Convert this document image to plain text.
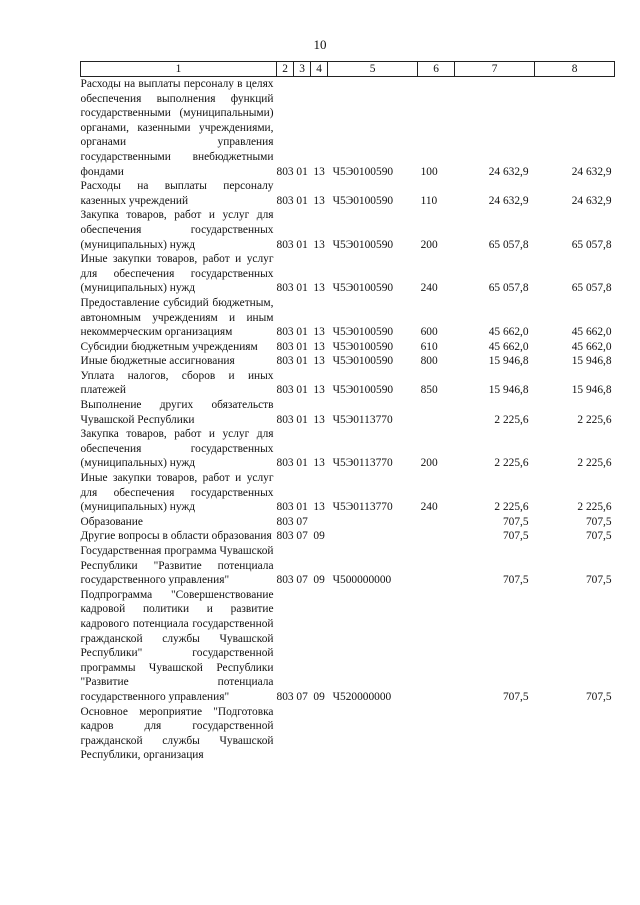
10
1	2	3	4	5	6	7	8
Расходы на выплаты персоналу в целях обеспечения выполнения функций государственными (муниципальными) органами, казенными учреждениями, органами управления государственными внебюджетными фондами	803	01	13	Ч5Э0100590	100	24 632,9	24 632,9
Расходы на выплаты персоналу казенных учреждений	803	01	13	Ч5Э0100590	110	24 632,9	24 632,9
Закупка товаров, работ и услуг для обеспечения государственных (муниципальных) нужд	803	01	13	Ч5Э0100590	200	65 057,8	65 057,8
Иные закупки товаров, работ и услуг для обеспечения государственных (муниципальных) нужд	803	01	13	Ч5Э0100590	240	65 057,8	65 057,8
Предоставление субсидий бюджетным, автономным учреждениям и иным некоммерческим организациям	803	01	13	Ч5Э0100590	600	45 662,0	45 662,0
Субсидии бюджетным учреждениям	803	01	13	Ч5Э0100590	610	45 662,0	45 662,0
Иные бюджетные ассигнования	803	01	13	Ч5Э0100590	800	15 946,8	15 946,8
Уплата налогов, сборов и иных платежей	803	01	13	Ч5Э0100590	850	15 946,8	15 946,8
Выполнение других обязательств Чувашской Республики	803	01	13	Ч5Э0113770		2 225,6	2 225,6
Закупка товаров, работ и услуг для обеспечения государственных (муниципальных) нужд	803	01	13	Ч5Э0113770	200	2 225,6	2 225,6
Иные закупки товаров, работ и услуг для обеспечения государственных (муниципальных) нужд	803	01	13	Ч5Э0113770	240	2 225,6	2 225,6
Образование	803	07				707,5	707,5
Другие вопросы в области образования	803	07	09			707,5	707,5
Государственная программа Чувашской Республики "Развитие потенциала государственного управления"	803	07	09	Ч500000000		707,5	707,5
Подпрограмма "Совершенствование кадровой политики и развитие кадрового потенциала государственной гражданской службы Чувашской Республики" государственной программы Чувашской Республики "Развитие потенциала государственного управления"	803	07	09	Ч520000000		707,5	707,5
Основное мероприятие "Подготовка кадров для государственной гражданской службы Чувашской Республики, организация							
